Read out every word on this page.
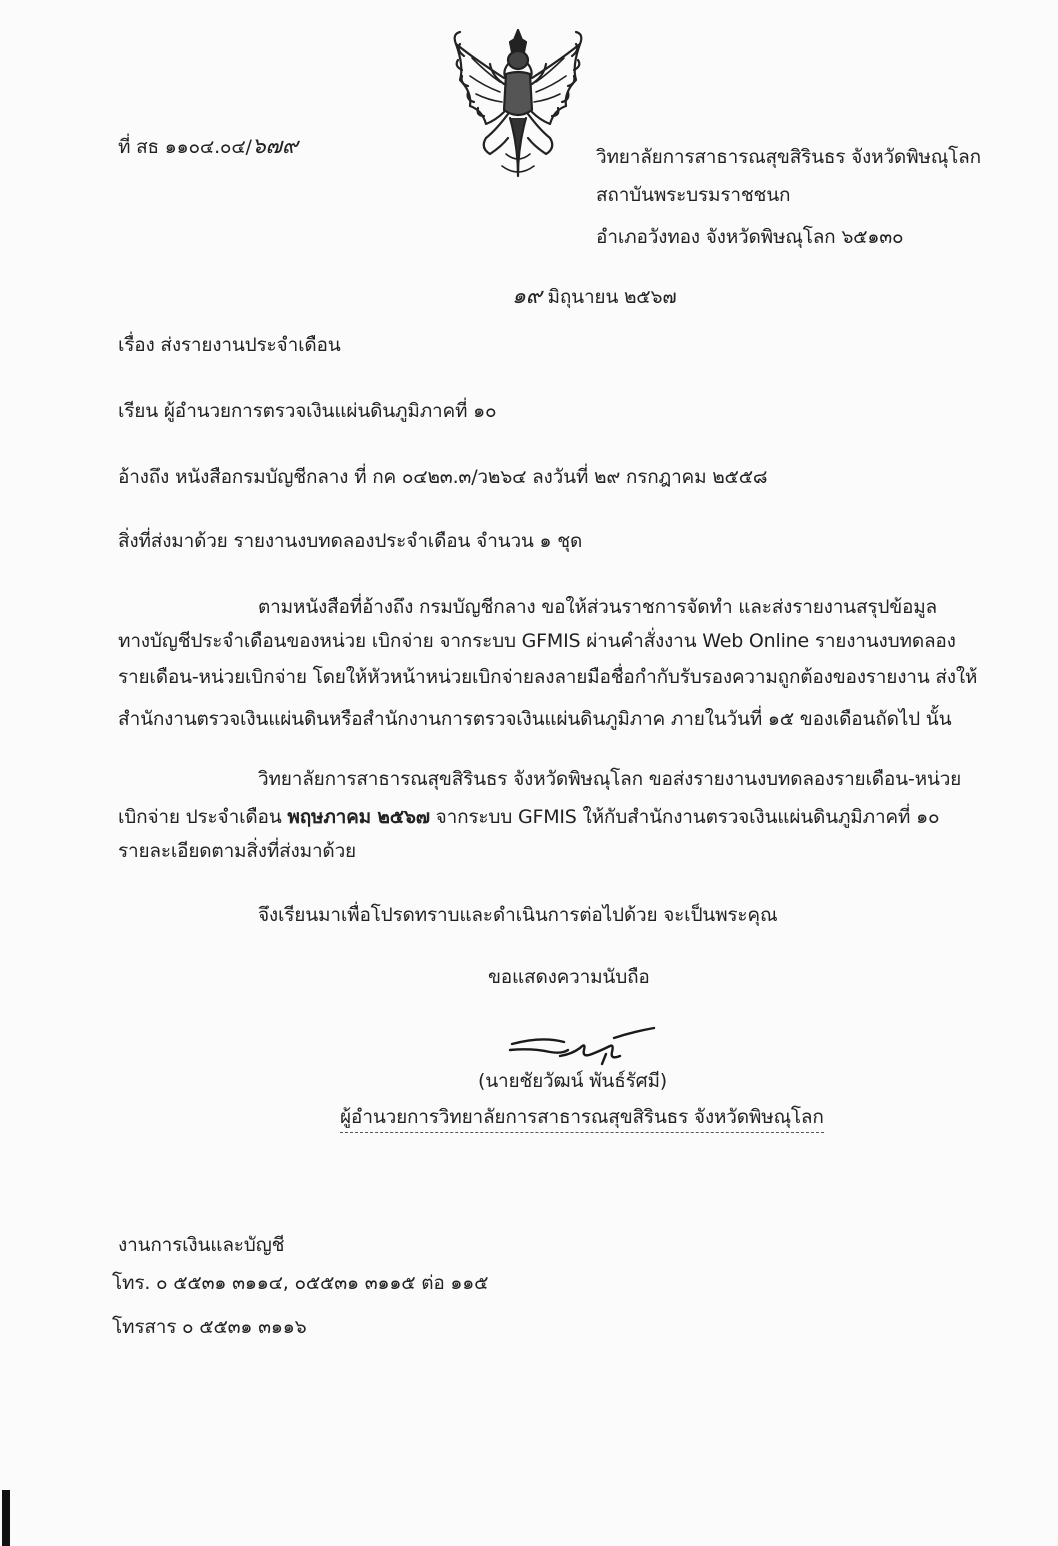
ที่ สธ ๑๑๐๔.๐๔/๖๗๙	วิทยาลัยการสาธารณสุขสิรินธร จังหวัดพิษณุโลก
สถาบันพระบรมราชชนก
อำเภอวังทอง จังหวัดพิษณุโลก ๖๕๑๓๐
๑๙ มิถุนายน ๒๕๖๗
เรื่อง ส่งรายงานประจำเดือน
เรียน ผู้อำนวยการตรวจเงินแผ่นดินภูมิภาคที่ ๑๐
อ้างถึง หนังสือกรมบัญชีกลาง ที่ กค ๐๔๒๓.๓/ว๒๖๔ ลงวันที่ ๒๙ กรกฎาคม ๒๕๕๘
สิ่งที่ส่งมาด้วย รายงานงบทดลองประจำเดือน จำนวน ๑ ชุด
ตามหนังสือที่อ้างถึง กรมบัญชีกลาง ขอให้ส่วนราชการจัดทำ และส่งรายงานสรุปข้อมูล
ทางบัญชีประจำเดือนของหน่วย เบิกจ่าย จากระบบ GFMIS ผ่านคำสั่งงาน Web Online รายงานงบทดลอง
รายเดือน-หน่วยเบิกจ่าย โดยให้หัวหน้าหน่วยเบิกจ่ายลงลายมือชื่อกำกับรับรองความถูกต้องของรายงาน ส่งให้
สำนักงานตรวจเงินแผ่นดินหรือสำนักงานการตรวจเงินแผ่นดินภูมิภาค ภายในวันที่ ๑๕ ของเดือนถัดไป นั้น
วิทยาลัยการสาธารณสุขสิรินธร จังหวัดพิษณุโลก ขอส่งรายงานงบทดลองรายเดือน-หน่วย
เบิกจ่าย ประจำเดือน พฤษภาคม ๒๕๖๗ จากระบบ GFMIS ให้กับสำนักงานตรวจเงินแผ่นดินภูมิภาคที่ ๑๐
รายละเอียดตามสิ่งที่ส่งมาด้วย
จึงเรียนมาเพื่อโปรดทราบและดำเนินการต่อไปด้วย จะเป็นพระคุณ
ขอแสดงความนับถือ
(นายชัยวัฒน์ พันธ์รัศมี)
ผู้อำนวยการวิทยาลัยการสาธารณสุขสิรินธร จังหวัดพิษณุโลก
งานการเงินและบัญชี
โทร. ๐ ๕๕๓๑ ๓๑๑๔, ๐๕๕๓๑ ๓๑๑๕ ต่อ ๑๑๕
โทรสาร ๐ ๕๕๓๑ ๓๑๑๖
